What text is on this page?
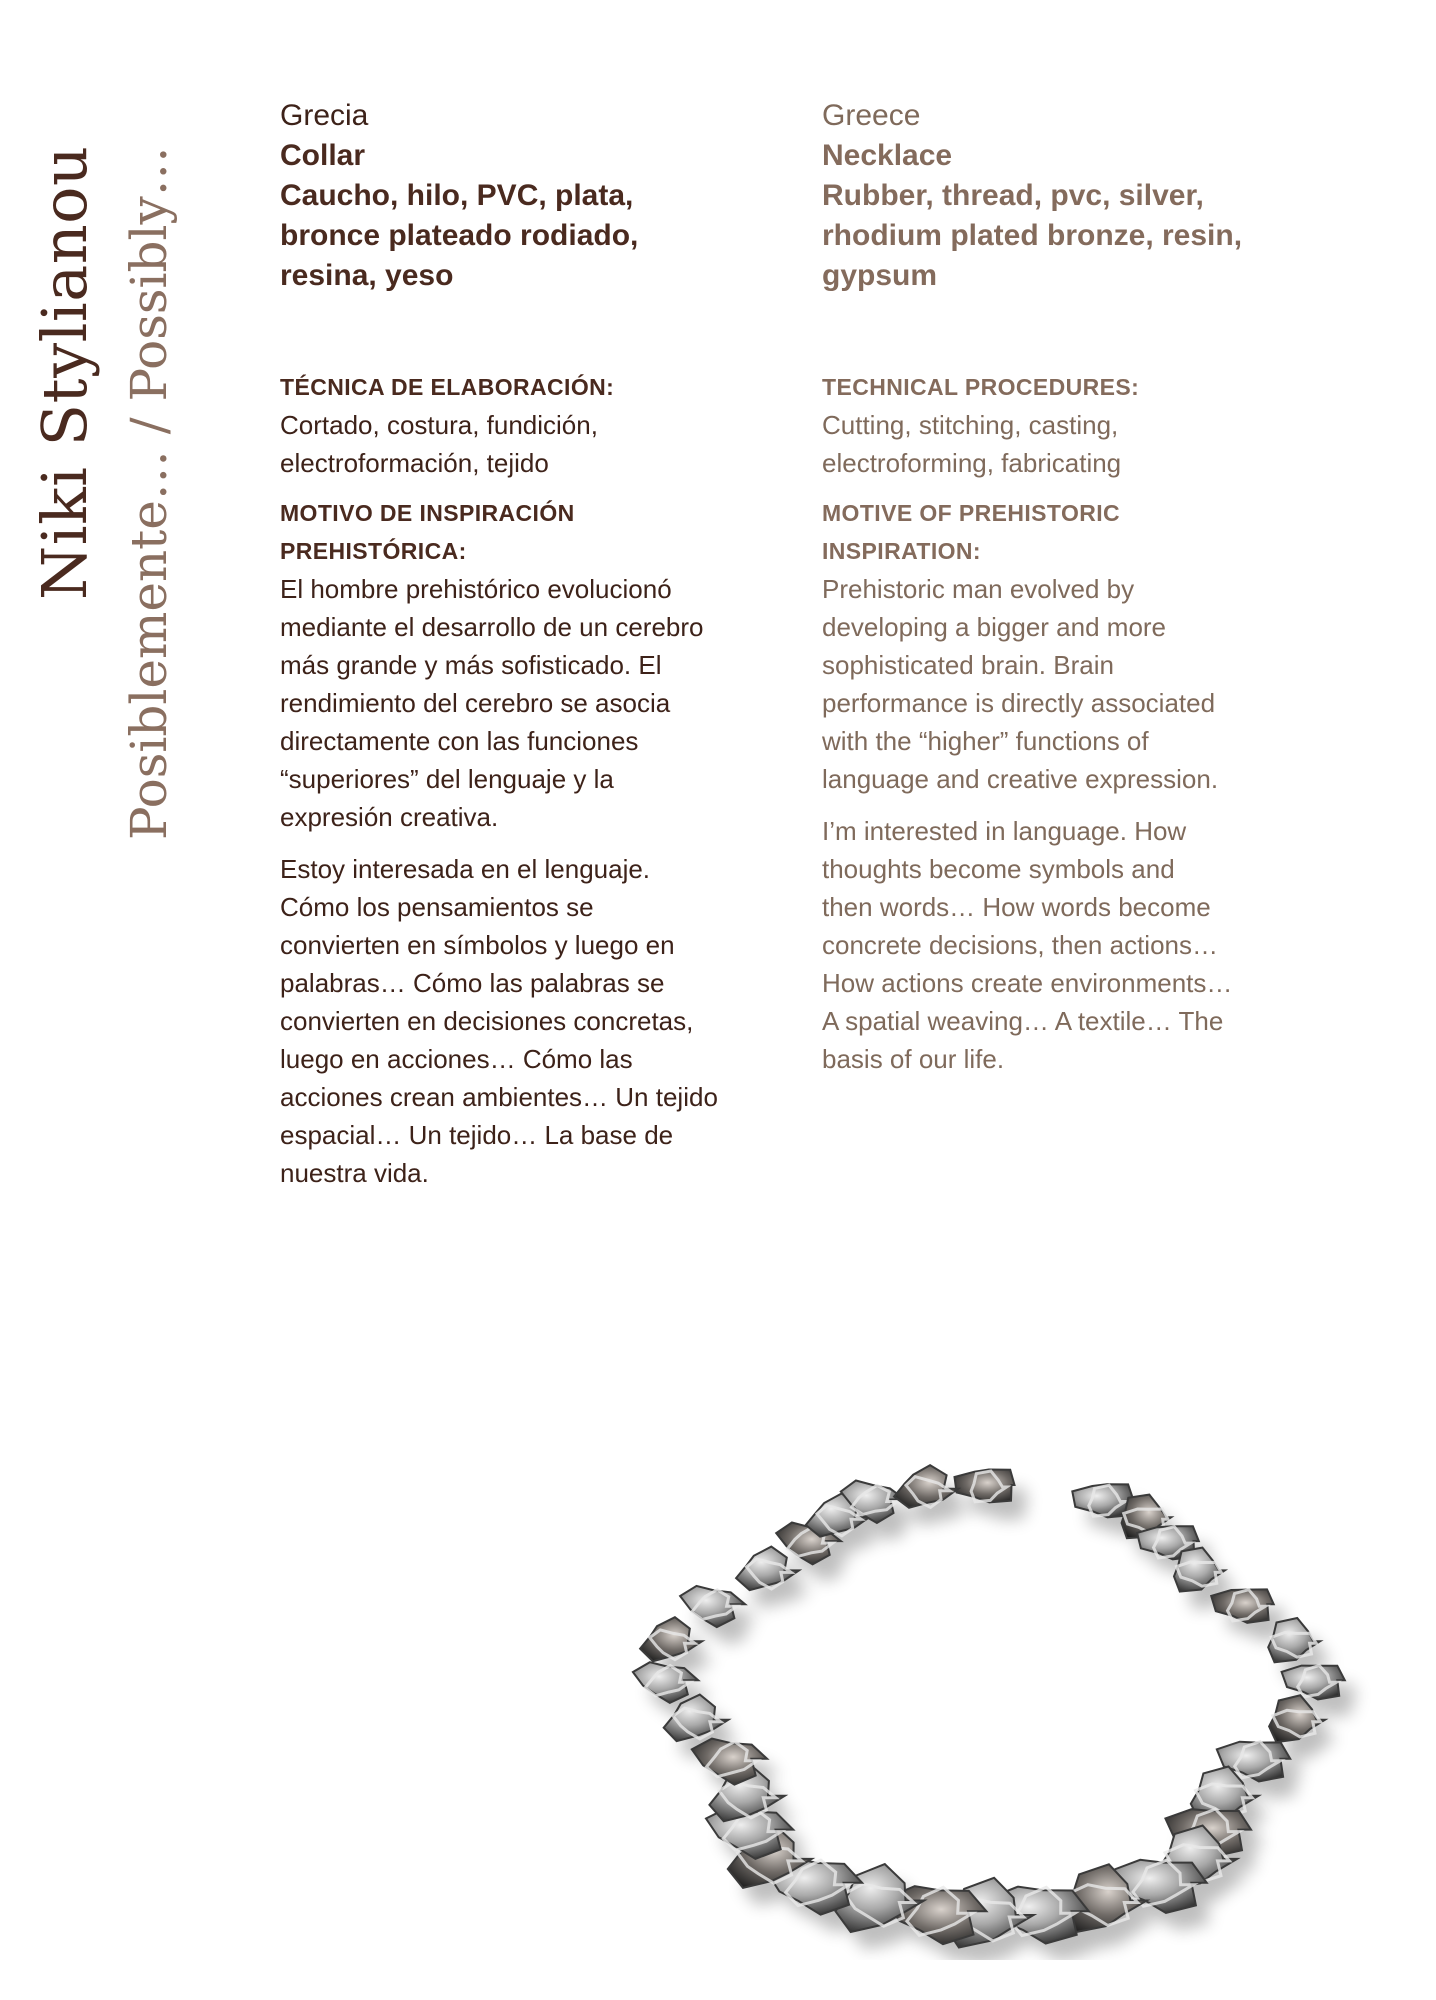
Niki Stylianou Posiblemente… / Possibly…

Grecia

Collar

Caucho, hilo, PVC, plata,

bronce plateado rodiado,

resina, yeso

TÉCNICA DE ELABORACIÓN:

Cortado, costura, fundición,

electroformación, tejido

MOTIVO DE INSPIRACIÓN

PREHISTÓRICA:

El hombre prehistórico evolucionó

mediante el desarrollo de un cerebro

más grande y más sofisticado. El

rendimiento del cerebro se asocia

directamente con las funciones

“superiores” del lenguaje y la

expresión creativa.

Estoy interesada en el lenguaje.

Cómo los pensamientos se

convierten en símbolos y luego en

palabras… Cómo las palabras se

convierten en decisiones concretas,

luego en acciones… Cómo las

acciones crean ambientes… Un tejido

espacial… Un tejido… La base de

nuestra vida.

Greece

Necklace

Rubber, thread, pvc, silver,

rhodium plated bronze, resin,

gypsum

TECHNICAL PROCEDURES:

Cutting, stitching, casting,

electroforming, fabricating

MOTIVE OF PREHISTORIC

INSPIRATION:

Prehistoric man evolved by

developing a bigger and more

sophisticated brain. Brain

performance is directly associated

with the “higher” functions of

language and creative expression.

I’m interested in language. How

thoughts become symbols and

then words… How words become

concrete decisions, then actions…

How actions create environments…

A spatial weaving… A textile… The

basis of our life.
